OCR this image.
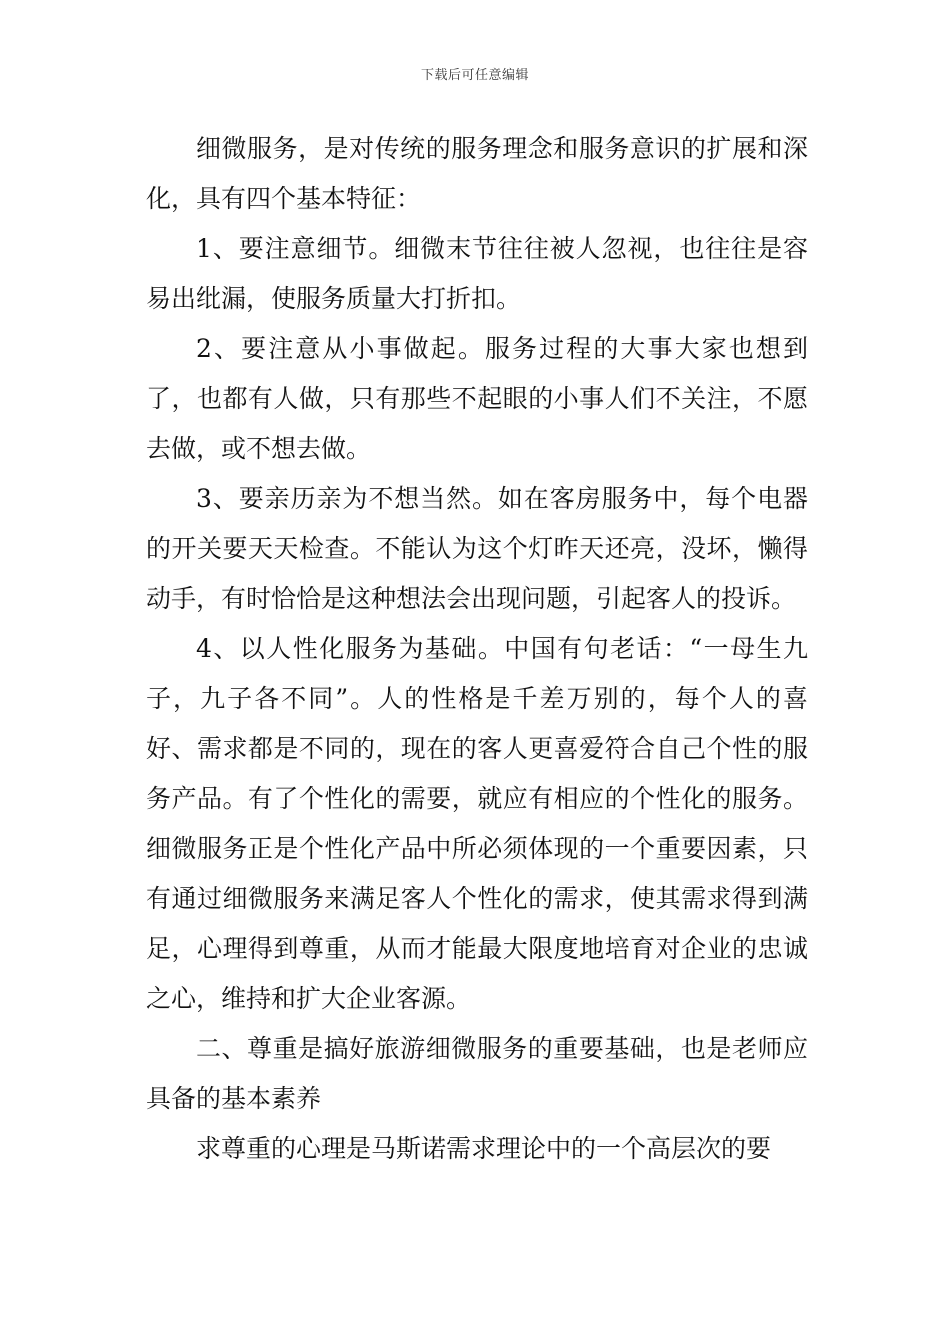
下载后可任意编辑

细微服务，是对传统的服务理念和服务意识的扩展和深化，具有四个基本特征：

1、要注意细节。细微末节往往被人忽视，也往往是容易出纰漏，使服务质量大打折扣。

2、要注意从小事做起。服务过程的大事大家也想到了，也都有人做，只有那些不起眼的小事人们不关注，不愿去做，或不想去做。

3、要亲历亲为不想当然。如在客房服务中，每个电器的开关要天天检查。不能认为这个灯昨天还亮，没坏，懒得动手，有时恰恰是这种想法会出现问题，引起客人的投诉。

4、以人性化服务为基础。中国有句老话：“一母生九子，九子各不同”。人的性格是千差万别的，每个人的喜好、需求都是不同的，现在的客人更喜爱符合自己个性的服务产品。有了个性化的需要，就应有相应的个性化的服务。细微服务正是个性化产品中所必须体现的一个重要因素，只有通过细微服务来满足客人个性化的需求，使其需求得到满足，心理得到尊重，从而才能最大限度地培育对企业的忠诚之心，维持和扩大企业客源。

二、尊重是搞好旅游细微服务的重要基础，也是老师应具备的基本素养

求尊重的心理是马斯诺需求理论中的一个高层次的要
